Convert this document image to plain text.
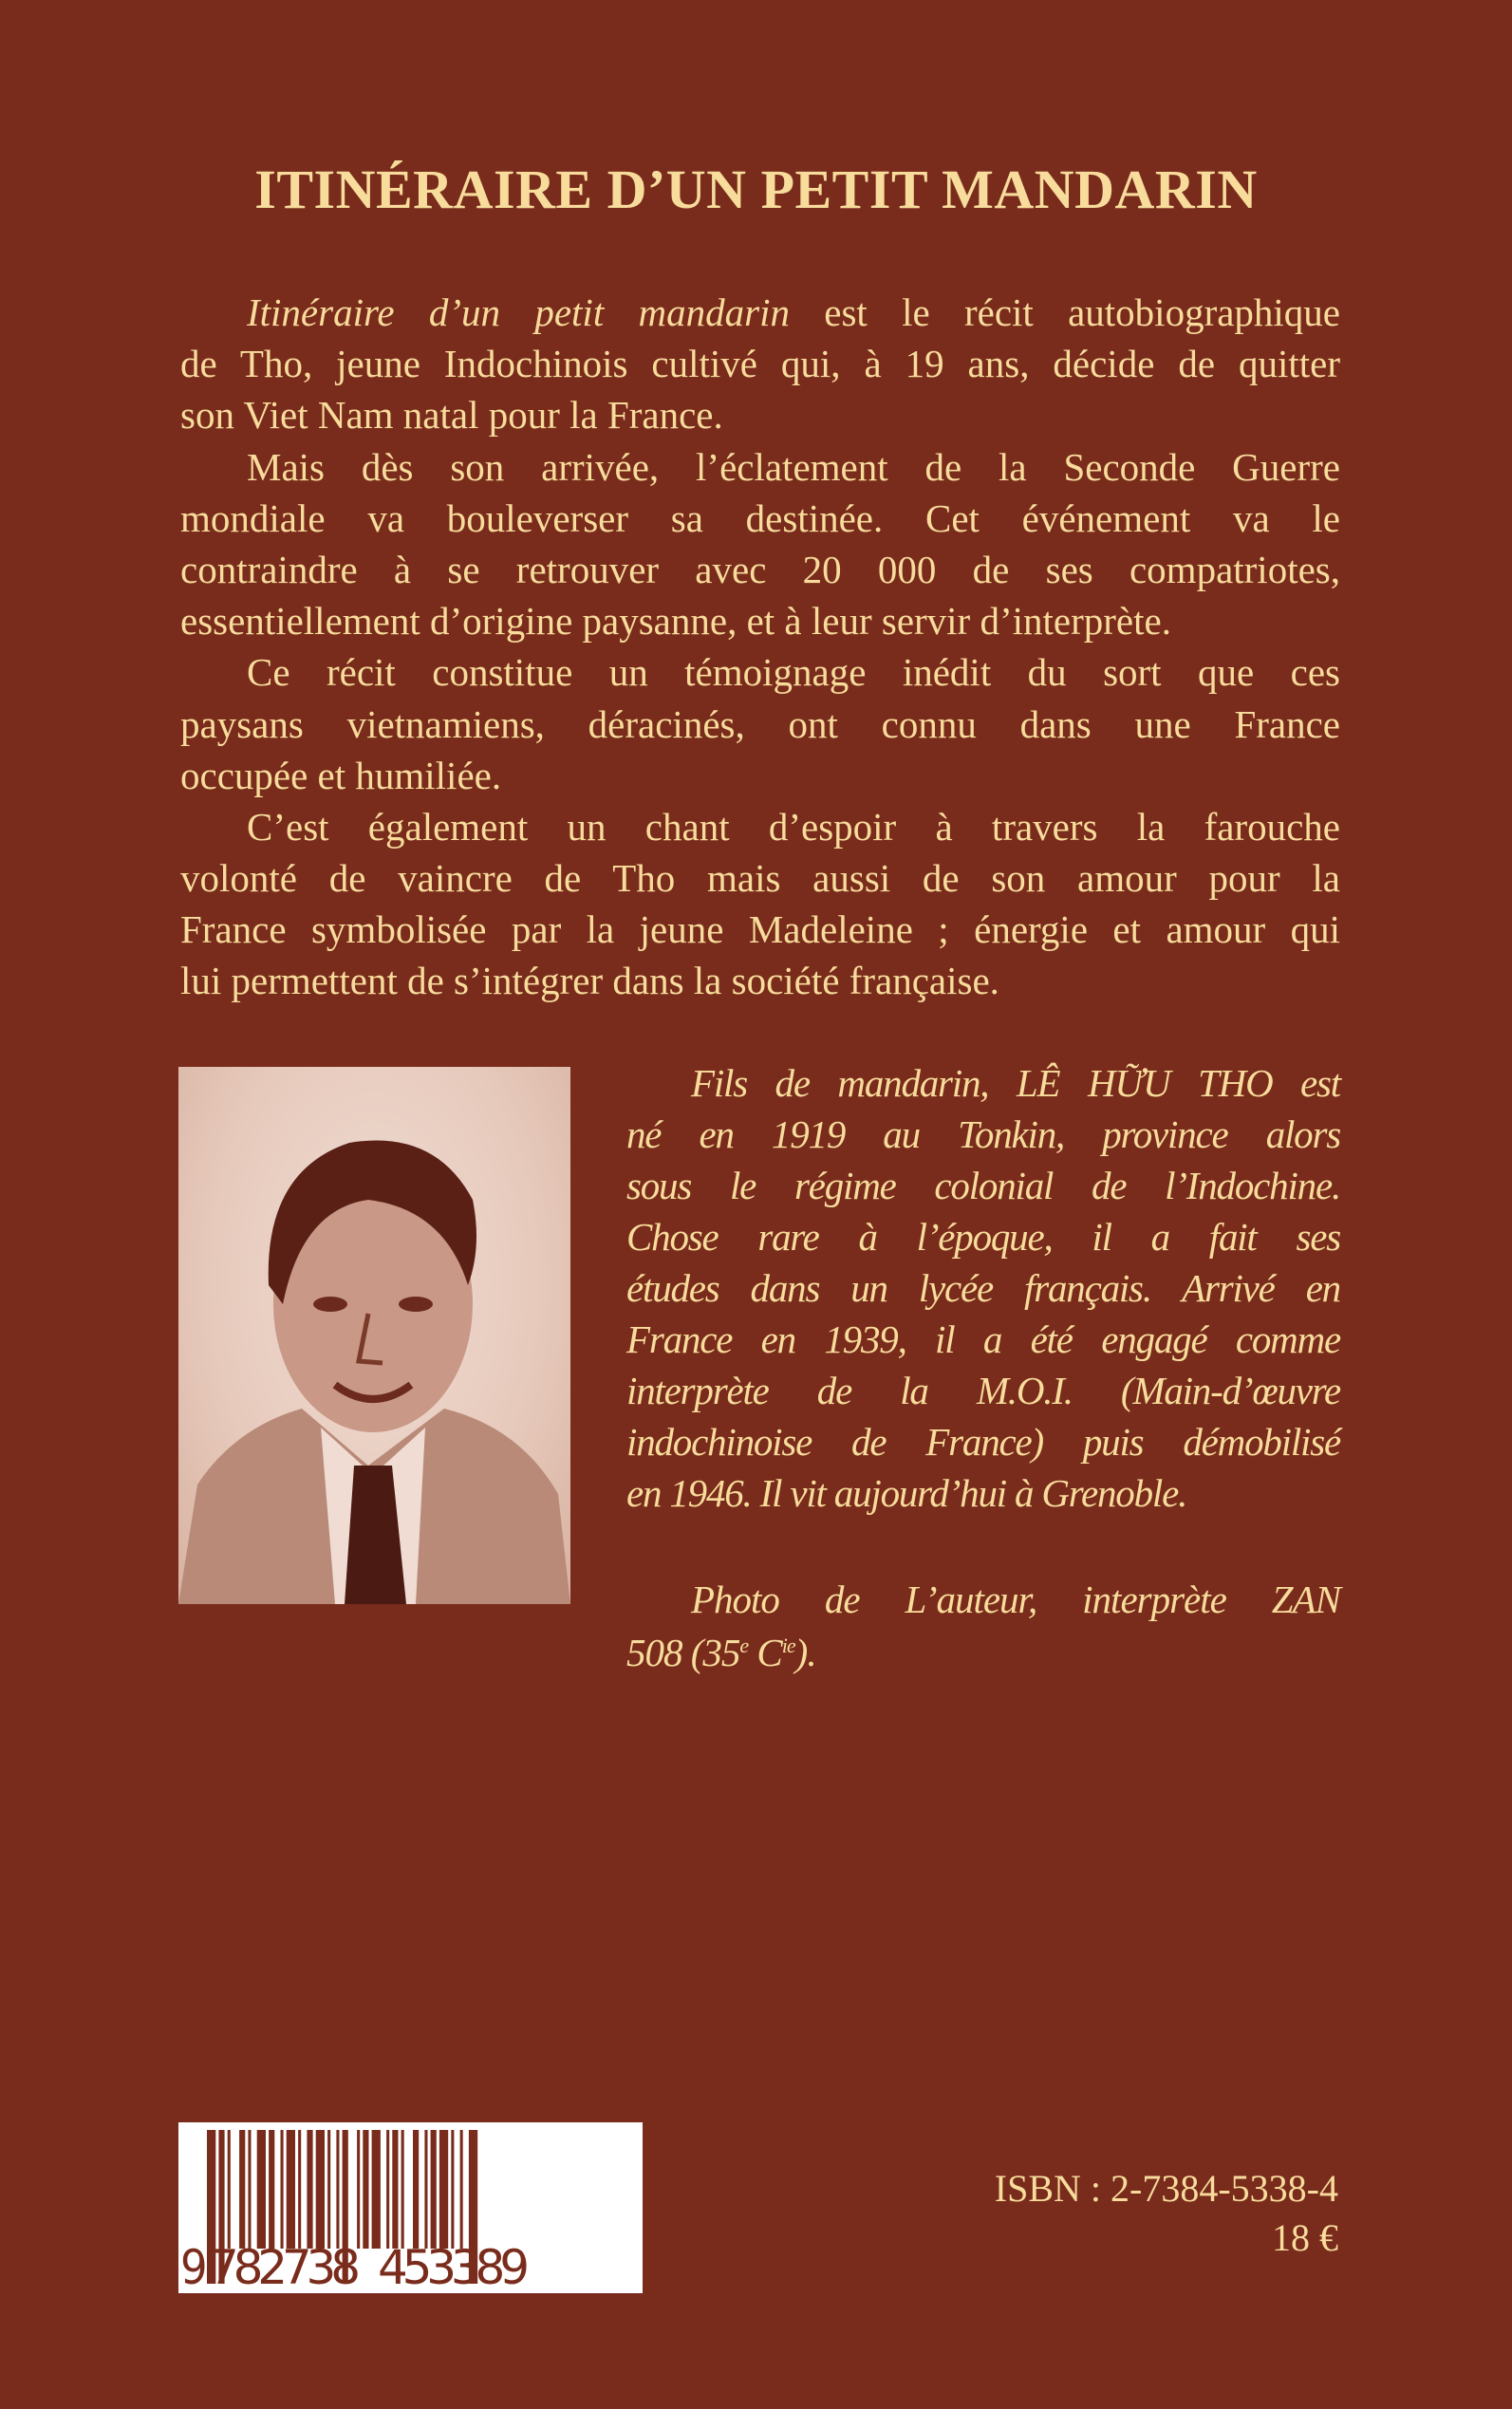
ITINÉRAIRE D’UN PETIT MANDARIN
Itinéraire d’un petit mandarin est le récit autobiographique
de Tho, jeune Indochinois cultivé qui, à 19 ans, décide de quitter
son Viet Nam natal pour la France.
Mais dès son arrivée, l’éclatement de la Seconde Guerre
mondiale va bouleverser sa destinée. Cet événement va le
contraindre à se retrouver avec 20 000 de ses compatriotes,
essentiellement d’origine paysanne, et à leur servir d’interprète.
Ce récit constitue un témoignage inédit du sort que ces
paysans vietnamiens, déracinés, ont connu dans une France
occupée et humiliée.
C’est également un chant d’espoir à travers la farouche
volonté de vaincre de Tho mais aussi de son amour pour la
France symbolisée par la jeune Madeleine ; énergie et amour qui
lui permettent de s’intégrer dans la société française.
Fils de mandarin, LÊ HỮU THO est
né en 1919 au Tonkin, province alors
sous le régime colonial de l’Indochine.
Chose rare à l’époque, il a fait ses
études dans un lycée français. Arrivé en
France en 1939, il a été engagé comme
interprète de la M.O.I. (Main-d’œuvre
indochinoise de France) puis démobilisé
en 1946. Il vit aujourd’hui à Grenoble.
Photo de L’auteur, interprète ZAN
508 (35e $C^{ie}$).
9 782738 453389
ISBN : 2-7384-5338-4
18 €
